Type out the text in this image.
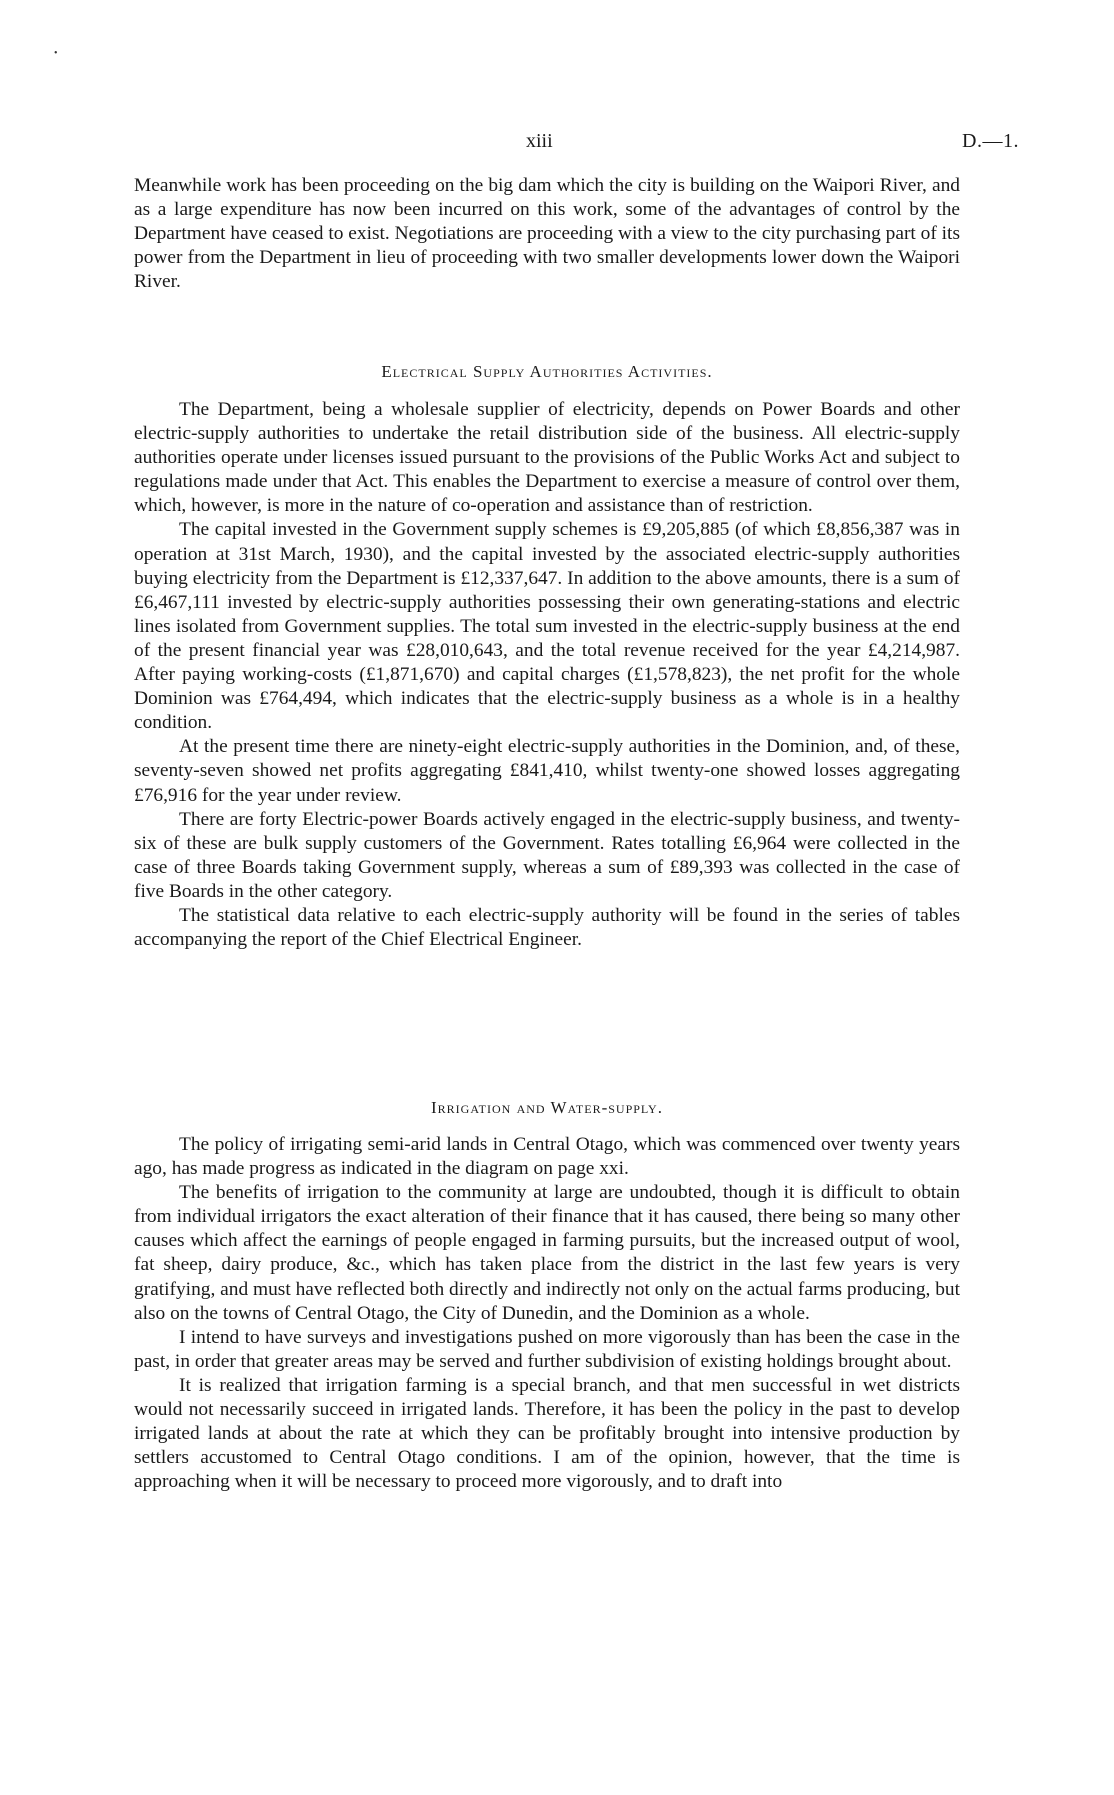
•
xiii	D.—1.

Meanwhile work has been proceeding on the big dam which the city is building on the Waipori River, and as a large expenditure has now been incurred on this work, some of the advantages of control by the Department have ceased to exist. Negotiations are proceeding with a view to the city purchasing part of its power from the Department in lieu of proceeding with two smaller developments lower down the Waipori River.

Electrical Supply Authorities Activities.

The Department, being a wholesale supplier of electricity, depends on Power Boards and other electric-supply authorities to undertake the retail distribution side of the business. All electric-supply authorities operate under licenses issued pursuant to the provisions of the Public Works Act and subject to regulations made under that Act. This enables the Department to exercise a measure of control over them, which, however, is more in the nature of co-operation and assistance than of restriction.

The capital invested in the Government supply schemes is £9,205,885 (of which £8,856,387 was in operation at 31st March, 1930), and the capital invested by the associated electric-supply authorities buying electricity from the Department is £12,337,647. In addition to the above amounts, there is a sum of £6,467,111 invested by electric-supply authorities possessing their own generating-stations and electric lines isolated from Government supplies. The total sum invested in the electric-supply business at the end of the present financial year was £28,010,643, and the total revenue received for the year £4,214,987. After paying working-costs (£1,871,670) and capital charges (£1,578,823), the net profit for the whole Dominion was £764,494, which indicates that the electric-supply business as a whole is in a healthy condition.

At the present time there are ninety-eight electric-supply authorities in the Dominion, and, of these, seventy-seven showed net profits aggregating £841,410, whilst twenty-one showed losses aggregating £76,916 for the year under review.

There are forty Electric-power Boards actively engaged in the electric-supply business, and twenty-six of these are bulk supply customers of the Government. Rates totalling £6,964 were collected in the case of three Boards taking Government supply, whereas a sum of £89,393 was collected in the case of five Boards in the other category.

The statistical data relative to each electric-supply authority will be found in the series of tables accompanying the report of the Chief Electrical Engineer.

Irrigation and Water-supply.

The policy of irrigating semi-arid lands in Central Otago, which was commenced over twenty years ago, has made progress as indicated in the diagram on page xxi.

The benefits of irrigation to the community at large are undoubted, though it is difficult to obtain from individual irrigators the exact alteration of their finance that it has caused, there being so many other causes which affect the earnings of people engaged in farming pursuits, but the increased output of wool, fat sheep, dairy produce, &c., which has taken place from the district in the last few years is very gratifying, and must have reflected both directly and indirectly not only on the actual farms producing, but also on the towns of Central Otago, the City of Dunedin, and the Dominion as a whole.

I intend to have surveys and investigations pushed on more vigorously than has been the case in the past, in order that greater areas may be served and further subdivision of existing holdings brought about.

It is realized that irrigation farming is a special branch, and that men successful in wet districts would not necessarily succeed in irrigated lands. Therefore, it has been the policy in the past to develop irrigated lands at about the rate at which they can be profitably brought into intensive production by settlers accustomed to Central Otago conditions. I am of the opinion, however, that the time is approaching when it will be necessary to proceed more vigorously, and to draft into
